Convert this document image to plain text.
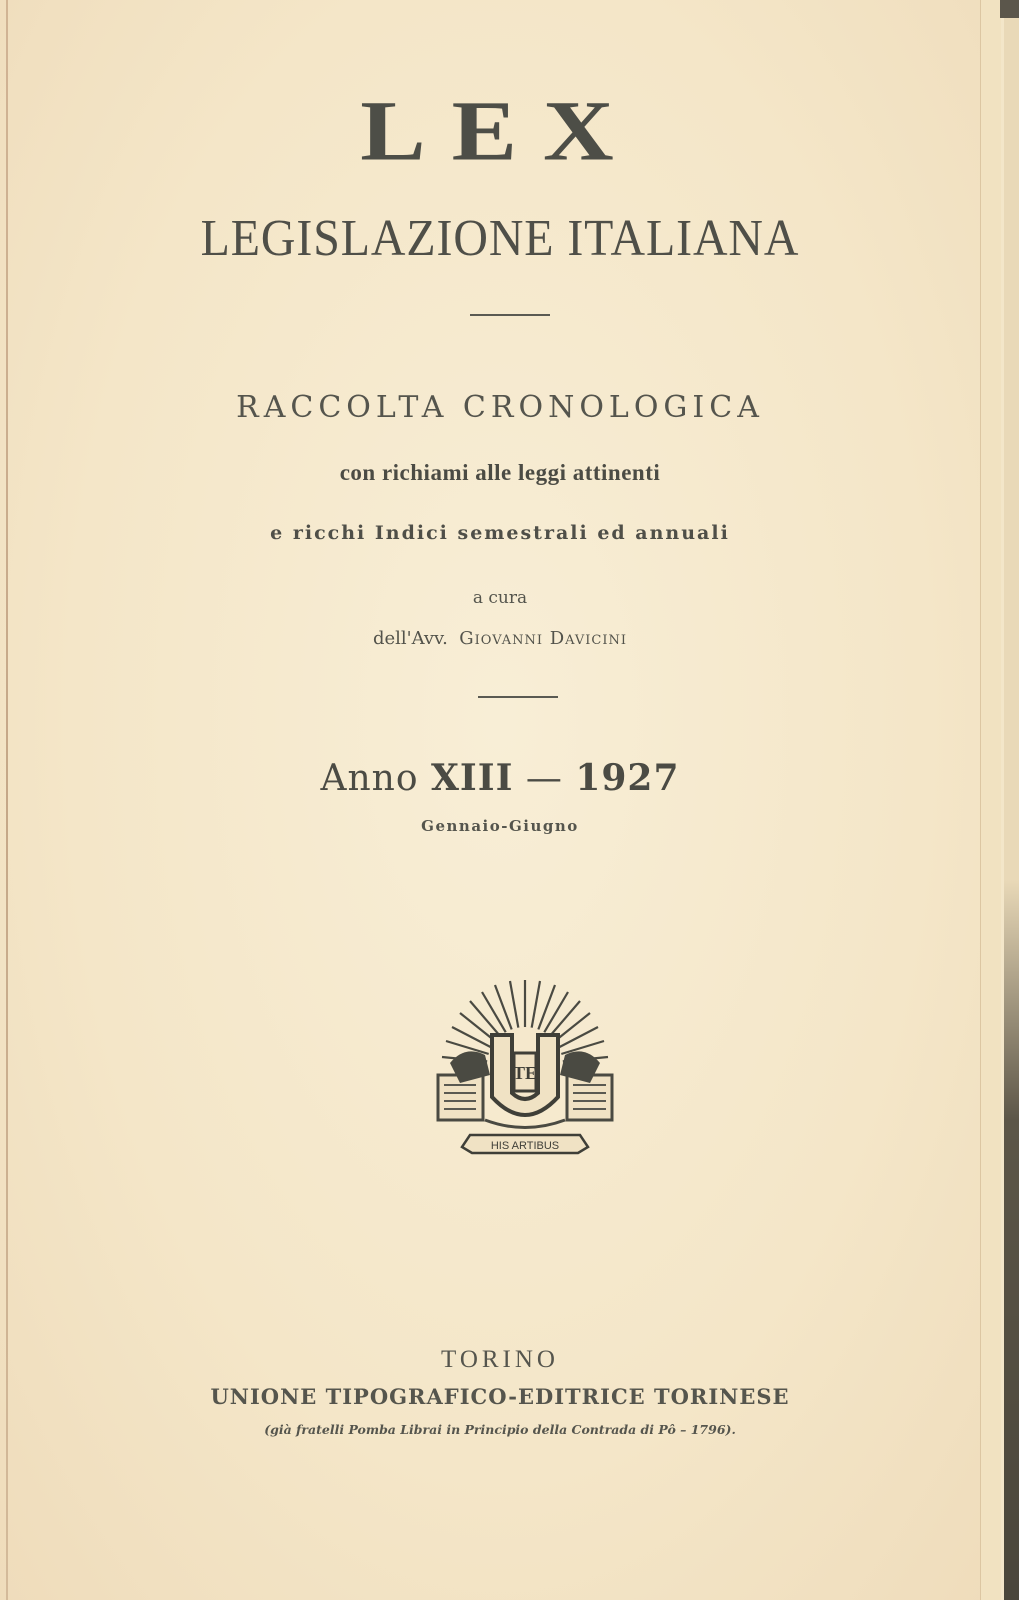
LEX
LEGISLAZIONE ITALIANA
RACCOLTA CRONOLOGICA
con richiami alle leggi attinenti
e ricchi Indici semestrali ed annuali
a cura
dell'Avv. Giovanni Davicini
Anno XIII — 1927
Gennaio-Giugno
TE
HIS ARTIBUS
TORINO
UNIONE TIPOGRAFICO-EDITRICE TORINESE
(già fratelli Pomba Librai in Principio della Contrada di Pô – 1796).
